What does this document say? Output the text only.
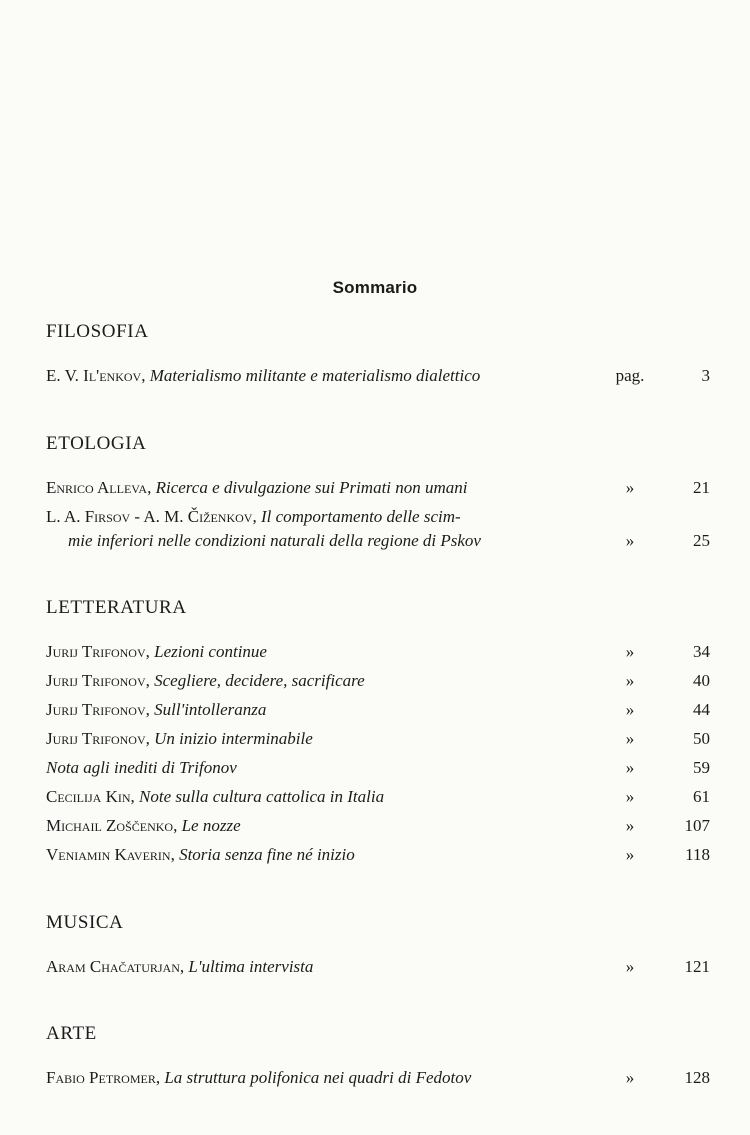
Sommario
FILOSOFIA
E. V. Il'enkov, Materialismo militante e materialismo dialettico	pag.	3
ETOLOGIA
Enrico Alleva, Ricerca e divulgazione sui Primati non umani	»	21
L. A. Firsov - A. M. Čiženkov, Il comportamento delle scim-
mie inferiori nelle condizioni naturali della regione di Pskov	»	25
LETTERATURA
Jurij Trifonov, Lezioni continue	»	34
Jurij Trifonov, Scegliere, decidere, sacrificare	»	40
Jurij Trifonov, Sull'intolleranza	»	44
Jurij Trifonov, Un inizio interminabile	»	50
Nota agli inediti di Trifonov	»	59
Cecilija Kin, Note sulla cultura cattolica in Italia	»	61
Michail Zoščenko, Le nozze	»	107
Veniamin Kaverin, Storia senza fine né inizio	»	118
MUSICA
Aram Chačaturjan, L'ultima intervista	»	121
ARTE
Fabio Petromer, La struttura polifonica nei quadri di Fedotov	»	128
